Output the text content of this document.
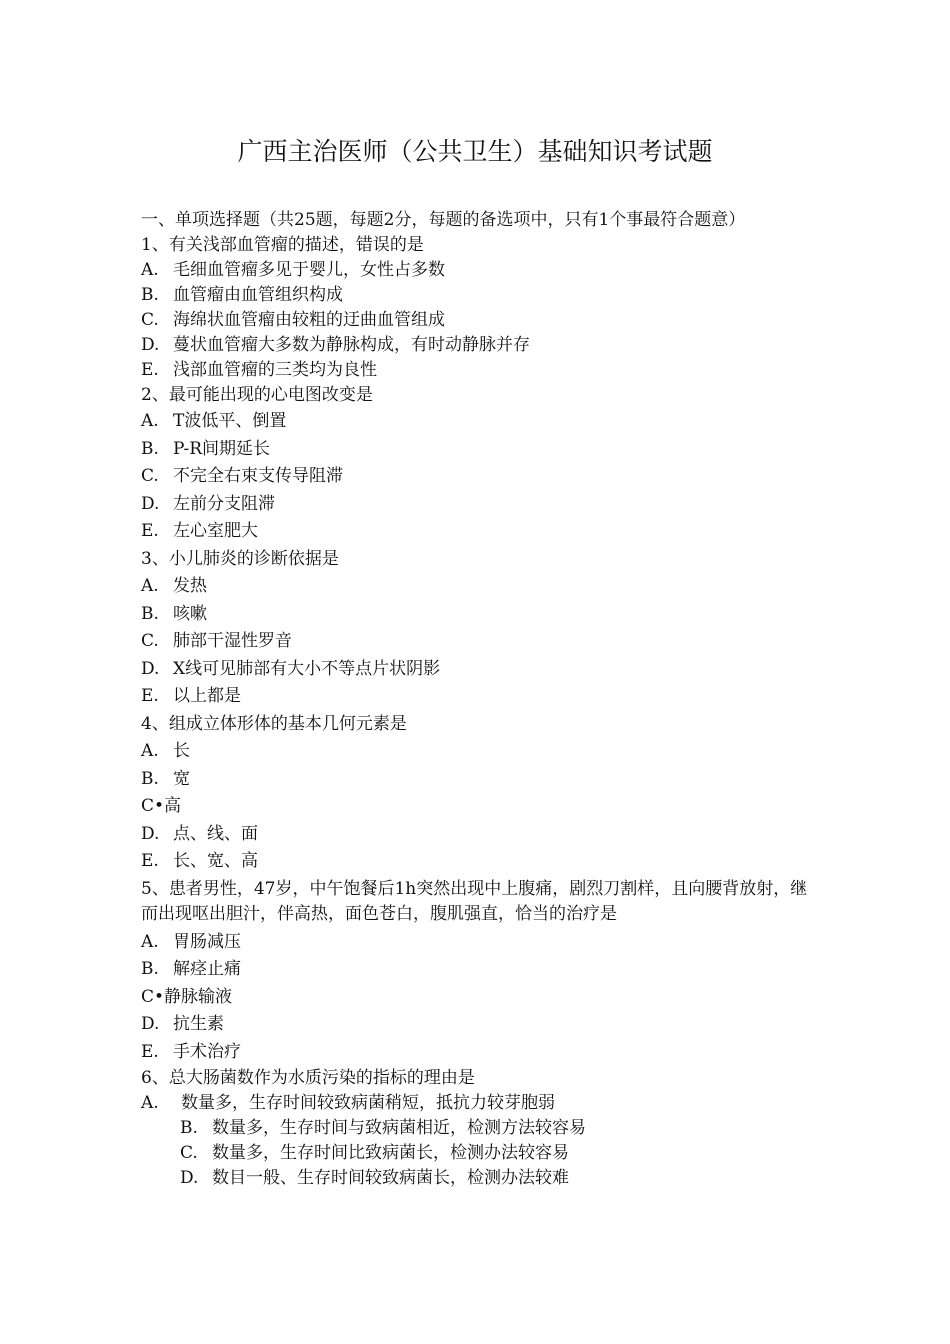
广西主治医师（公共卫生）基础知识考试题
一、单项选择题（共25题，每题2分，每题的备选项中，只有1个事最符合题意）
1、有关浅部血管瘤的描述，错误的是
A. 毛细血管瘤多见于婴儿，女性占多数
B. 血管瘤由血管组织构成
C. 海绵状血管瘤由较粗的迂曲血管组成
D. 蔓状血管瘤大多数为静脉构成，有时动静脉并存
E. 浅部血管瘤的三类均为良性
2、最可能出现的心电图改变是
A. T波低平、倒置
B. P-R间期延长
C. 不完全右束支传导阻滞
D. 左前分支阻滞
E. 左心室肥大
3、小儿肺炎的诊断依据是
A. 发热
B. 咳嗽
C. 肺部干湿性罗音
D. X线可见肺部有大小不等点片状阴影
E. 以上都是
4、组成立体形体的基本几何元素是
A. 长
B. 宽
C•高
D. 点、线、面
E. 长、宽、高
5、患者男性，47岁，中午饱餐后1h突然出现中上腹痛，剧烈刀割样，且向腰背放射，继而出现呕出胆汁，伴高热，面色苍白，腹肌强直，恰当的治疗是
A. 胃肠减压
B. 解痉止痛
C•静脉输液
D. 抗生素
E. 手术治疗
6、总大肠菌数作为水质污染的指标的理由是
A. 数量多，生存时间较致病菌稍短，抵抗力较芽胞弱
B. 数量多，生存时间与致病菌相近，检测方法较容易
C. 数量多，生存时间比致病菌长，检测办法较容易
D. 数目一般、生存时间较致病菌长，检测办法较难
